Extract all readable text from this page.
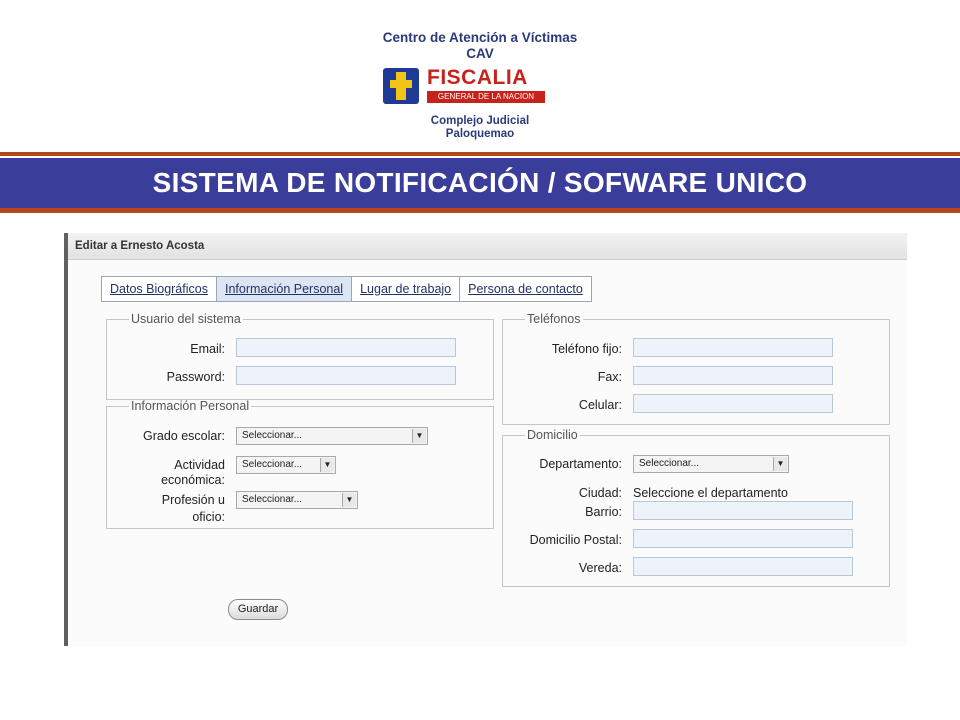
Centro de Atención a Víctimas
CAV
FISCALIA
GENERAL DE LA NACION
Complejo Judicial
Paloquemao
SISTEMA DE NOTIFICACIÓN / SOFWARE UNICO
Editar a Ernesto Acosta
Datos Biográficos	Información Personal	Lugar de trabajo	Persona de contacto
Usuario del sistema
Email:
Password:
Información Personal
Grado escolar:	Seleccionar...	▼
Actividad
económica:
Seleccionar...	▼
Profesión u
oficio:
Seleccionar...	▼
Teléfonos
Teléfono fijo:
Fax:
Celular:
Domicilio
Departamento:	Seleccionar...	▼
Ciudad: Seleccione el departamento
Barrio:
Domicilio Postal:
Vereda:
Guardar
